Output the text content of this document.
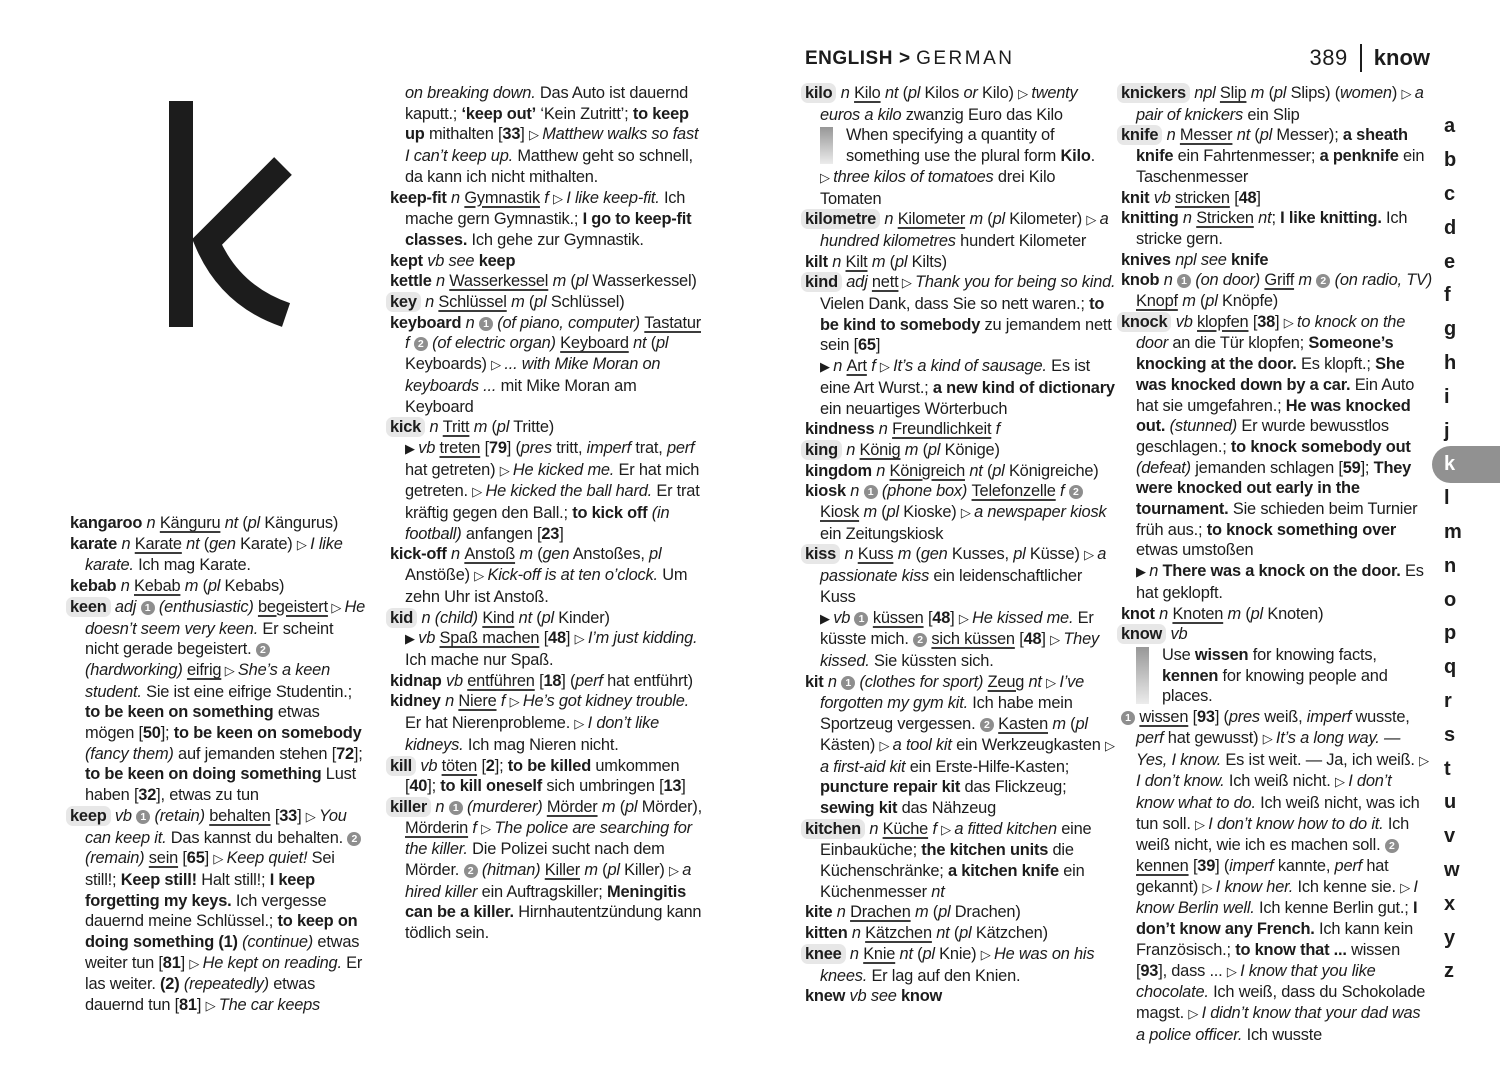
ENGLISH > GERMAN	389 know
kangaroo n Känguru nt (pl Kängurus)
karate n Karate nt (gen Karate) ▷ I like karate. Ich mag Karate.
kebab n Kebab m (pl Kebabs)
keen adj 1 (enthusiastic) begeistert ▷ He doesn’t seem very keen. Er scheint nicht gerade begeistert. 2 (hardworking) eifrig ▷ She’s a keen student. Sie ist eine eifrige Studentin.; to be keen on something etwas mögen [50]; to be keen on somebody (fancy them) auf jemanden stehen [72]; to be keen on doing something Lust haben [32], etwas zu tun
keep vb 1 (retain) behalten [33] ▷ You can keep it. Das kannst du behalten. 2 (remain) sein [65] ▷ Keep quiet! Sei still!; Keep still! Halt still!; I keep forgetting my keys. Ich vergesse dauernd meine Schlüssel.; to keep on doing something (1) (continue) etwas weiter tun [81] ▷ He kept on reading. Er las weiter. (2) (repeatedly) etwas dauernd tun [81] ▷ The car keeps
on breaking down. Das Auto ist dauernd kaputt.; ‘keep out’ ‘Kein Zutritt’; to keep up mithalten [33] ▷ Matthew walks so fast I can’t keep up. Matthew geht so schnell, da kann ich nicht mithalten.
keep-fit n Gymnastik f ▷ I like keep-fit. Ich mache gern Gymnastik.; I go to keep-fit classes. Ich gehe zur Gymnastik.
kept vb see keep
kettle n Wasserkessel m (pl Wasserkessel)
key n Schlüssel m (pl Schlüssel)
keyboard n 1 (of piano, computer) Tastatur f 2 (of electric organ) Keyboard nt (pl Keyboards) ▷ ... with Mike Moran on keyboards ... mit Mike Moran am Keyboard
kick n Tritt m (pl Tritte)
▶ vb treten [79] (pres tritt, imperf trat, perf hat getreten) ▷ He kicked me. Er hat mich getreten. ▷ He kicked the ball hard. Er trat kräftig gegen den Ball.; to kick off (in football) anfangen [23]
kick-off n Anstoß m (gen Anstoßes, pl Anstöße) ▷ Kick-off is at ten o’clock. Um zehn Uhr ist Anstoß.
kid n (child) Kind nt (pl Kinder)
▶ vb Spaß machen [48] ▷ I’m just kidding. Ich mache nur Spaß.
kidnap vb entführen [18] (perf hat entführt)
kidney n Niere f ▷ He’s got kidney trouble. Er hat Nierenprobleme. ▷ I don’t like kidneys. Ich mag Nieren nicht.
kill vb töten [2]; to be killed umkommen [40]; to kill oneself sich umbringen [13]
killer n 1 (murderer) Mörder m (pl Mörder), Mörderin f ▷ The police are searching for the killer. Die Polizei sucht nach dem Mörder. 2 (hitman) Killer m (pl Killer) ▷ a hired killer ein Auftragskiller; Meningitis can be a killer. Hirnhautentzündung kann tödlich sein.
kilo n Kilo nt (pl Kilos or Kilo) ▷ twenty euros a kilo zwanzig Euro das Kilo
When specifying a quantity of something use the plural form Kilo.
▷ three kilos of tomatoes drei Kilo Tomaten
kilometre n Kilometer m (pl Kilometer) ▷ a hundred kilometres hundert Kilometer
kilt n Kilt m (pl Kilts)
kind adj nett ▷ Thank you for being so kind. Vielen Dank, dass Sie so nett waren.; to be kind to somebody zu jemandem nett sein [65]
▶ n Art f ▷ It’s a kind of sausage. Es ist eine Art Wurst.; a new kind of dictionary ein neuartiges Wörterbuch
kindness n Freundlichkeit f
king n König m (pl Könige)
kingdom n Königreich nt (pl Königreiche)
kiosk n 1 (phone box) Telefonzelle f 2 Kiosk m (pl Kioske) ▷ a newspaper kiosk ein Zeitungskiosk
kiss n Kuss m (gen Kusses, pl Küsse) ▷ a passionate kiss ein leidenschaftlicher Kuss
▶ vb 1 küssen [48] ▷ He kissed me. Er küsste mich. 2 sich küssen [48] ▷ They kissed. Sie küssten sich.
kit n 1 (clothes for sport) Zeug nt ▷ I’ve forgotten my gym kit. Ich habe mein Sportzeug vergessen. 2 Kasten m (pl Kästen) ▷ a tool kit ein Werkzeugkasten ▷ a first-aid kit ein Erste-Hilfe-Kasten; puncture repair kit das Flickzeug; sewing kit das Nähzeug
kitchen n Küche f ▷ a fitted kitchen eine Einbauküche; the kitchen units die Küchenschränke; a kitchen knife ein Küchenmesser nt
kite n Drachen m (pl Drachen)
kitten n Kätzchen nt (pl Kätzchen)
knee n Knie nt (pl Knie) ▷ He was on his knees. Er lag auf den Knien.
knew vb see know
knickers npl Slip m (pl Slips) (women) ▷ a pair of knickers ein Slip
knife n Messer nt (pl Messer); a sheath knife ein Fahrtenmesser; a penknife ein Taschenmesser
knit vb stricken [48]
knitting n Stricken nt; I like knitting. Ich stricke gern.
knives npl see knife
knob n 1 (on door) Griff m 2 (on radio, TV) Knopf m (pl Knöpfe)
knock vb klopfen [38] ▷ to knock on the door an die Tür klopfen; Someone’s knocking at the door. Es klopft.; She was knocked down by a car. Ein Auto hat sie umgefahren.; He was knocked out. (stunned) Er wurde bewusstlos geschlagen.; to knock somebody out (defeat) jemanden schlagen [59]; They were knocked out early in the tournament. Sie schieden beim Turnier früh aus.; to knock something over etwas umstoßen
▶ n There was a knock on the door. Es hat geklopft.
knot n Knoten m (pl Knoten)
know vb
Use wissen for knowing facts, kennen for knowing people and places.
1 wissen [93] (pres weiß, imperf wusste, perf hat gewusst) ▷ It’s a long way. — Yes, I know. Es ist weit. — Ja, ich weiß. ▷ I don’t know. Ich weiß nicht. ▷ I don’t know what to do. Ich weiß nicht, was ich tun soll. ▷ I don’t know how to do it. Ich weiß nicht, wie ich es machen soll. 2 kennen [39] (imperf kannte, perf hat gekannt) ▷ I know her. Ich kenne sie. ▷ I know Berlin well. Ich kenne Berlin gut.; I don’t know any French. Ich kann kein Französisch.; to know that ... wissen [93], dass ... ▷ I know that you like chocolate. Ich weiß, dass du Schokolade magst. ▷ I didn’t know that your dad was a police officer. Ich wusste
a
b
c
d
e
f
g
h
i
j
k
l
m
n
o
p
q
r
s
t
u
v
w
x
y
z
